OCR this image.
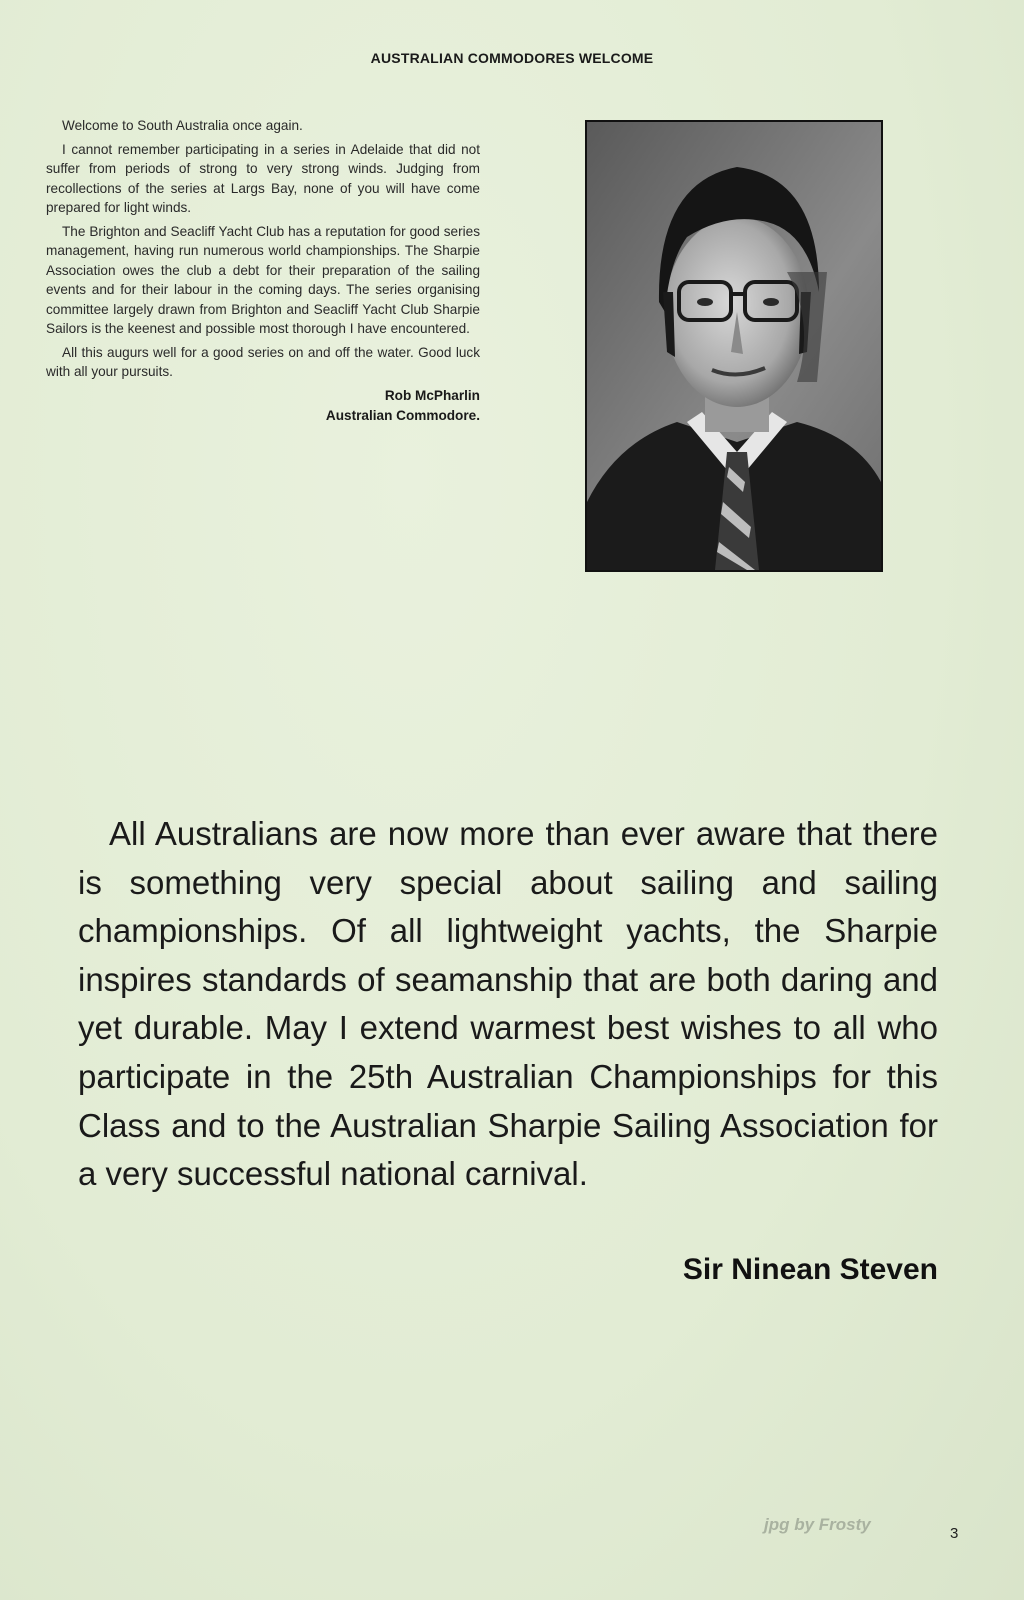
AUSTRALIAN COMMODORES WELCOME

Welcome to South Australia once again.

I cannot remember participating in a series in Adelaide that did not suffer from periods of strong to very strong winds. Judging from recollections of the series at Largs Bay, none of you will have come prepared for light winds.

The Brighton and Seacliff Yacht Club has a reputation for good series management, having run numerous world championships. The Sharpie Association owes the club a debt for their preparation of the sailing events and for their labour in the coming days. The series organising committee largely drawn from Brighton and Seacliff Yacht Club Sharpie Sailors is the keenest and possible most thorough I have encountered.

All this augurs well for a good series on and off the water. Good luck with all your pursuits.

Rob McPharlin
Australian Commodore.

All Australians are now more than ever aware that there is something very special about sailing and sailing championships. Of all lightweight yachts, the Sharpie inspires standards of seamanship that are both daring and yet durable. May I extend warmest best wishes to all who participate in the 25th Australian Championships for this Class and to the Australian Sharpie Sailing Association for a very successful national carnival.

Sir Ninean Steven
jpg by Frosty	3
